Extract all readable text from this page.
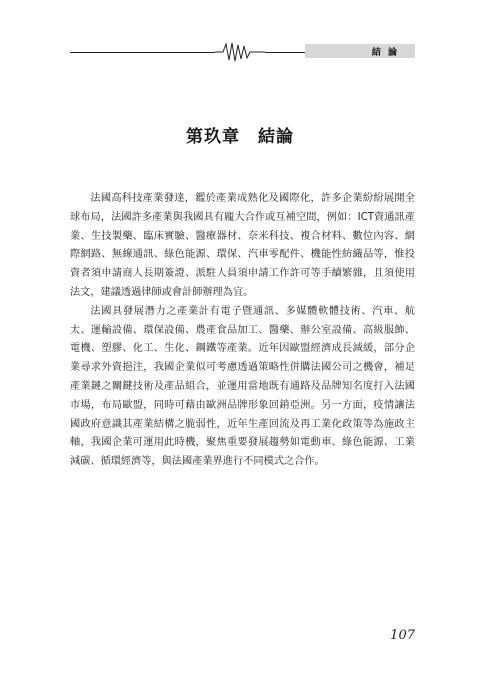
結 論
第玖章　結論

法國高科技產業發達，鑑於產業成熟化及國際化，許多企業紛紛展開全球布局，法國許多產業與我國具有龐大合作或互補空間，例如：ICT資通訊產業、生技製藥、臨床實驗、醫療器材、奈米科技、複合材料、數位內容、網際網路、無線通訊、綠色能源、環保、汽車零配件、機能性紡織品等，惟投資者須申請商人長期簽證、派駐人員須申請工作許可等手續繁雜，且須使用法文，建議透過律師或會計師辦理為宜。

法國具發展潛力之產業計有電子暨通訊、多媒體軟體技術、汽車、航太、運輸設備、環保設備、農產食品加工、醫藥、辦公室設備、高級服飾、電機、塑膠、化工、生化、鋼鐵等產業。近年因歐盟經濟成長減緩，部分企業尋求外資挹注，我國企業似可考慮透過策略性併購法國公司之機會，補足產業鏈之關鍵技術及產品組合，並運用當地既有通路及品牌知名度打入法國市場，布局歐盟，同時可藉由歐洲品牌形象回銷亞洲。另一方面，疫情讓法國政府意識其產業結構之脆弱性，近年生產回流及再工業化政策等為施政主軸，我國企業可運用此時機，聚焦重要發展趨勢如電動車、綠色能源、工業減碳、循環經濟等，與法國產業界進行不同模式之合作。

107
